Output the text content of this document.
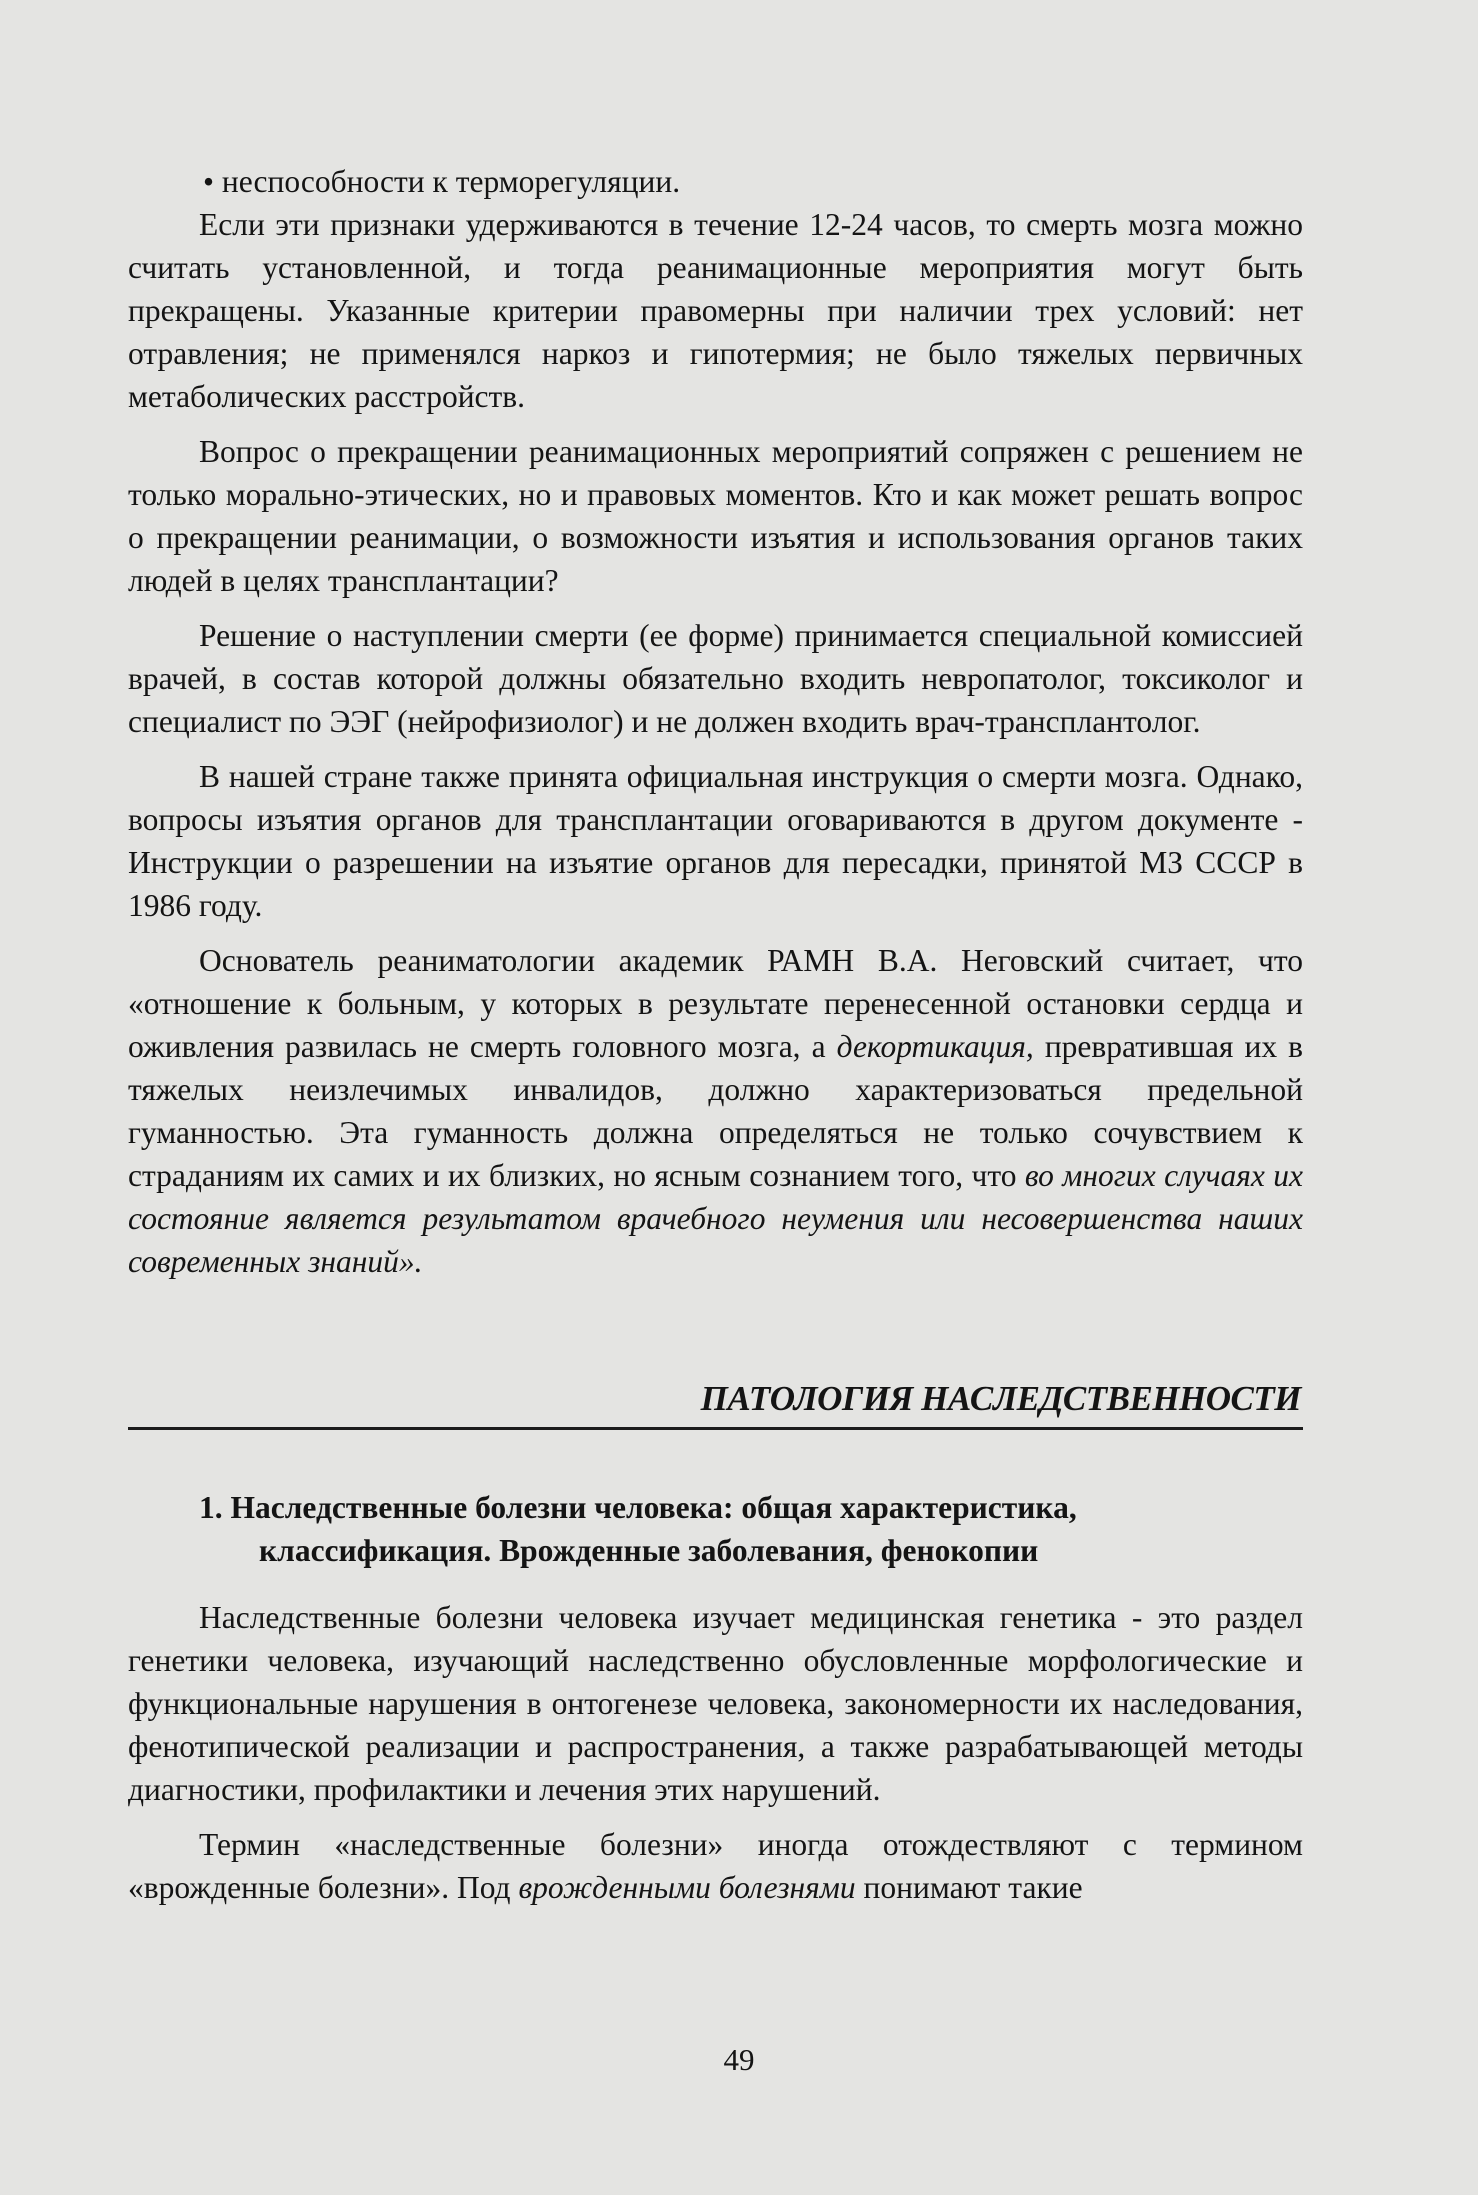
• неспособности к терморегуляции.

Если эти признаки удерживаются в течение 12-24 часов, то смерть мозга можно считать установленной, и тогда реанимационные мероприятия могут быть прекращены. Указанные критерии правомерны при наличии трех условий: нет отравления; не применялся наркоз и гипотермия; не было тяжелых первичных метаболических расстройств.

Вопрос о прекращении реанимационных мероприятий сопряжен с решением не только морально-этических, но и правовых моментов. Кто и как может решать вопрос о прекращении реанимации, о возможности изъятия и использования органов таких людей в целях трансплантации?

Решение о наступлении смерти (ее форме) принимается специальной комиссией врачей, в состав которой должны обязательно входить невропатолог, токсиколог и специалист по ЭЭГ (нейрофизиолог) и не должен входить врач-трансплантолог.

В нашей стране также принята официальная инструкция о смерти мозга. Однако, вопросы изъятия органов для трансплантации оговариваются в другом документе - Инструкции о разрешении на изъятие органов для пересадки, принятой МЗ СССР в 1986 году.

Основатель реаниматологии академик РАМН В.А. Неговский считает, что «отношение к больным, у которых в результате перенесенной остановки сердца и оживления развилась не смерть головного мозга, а декортикация, превратившая их в тяжелых неизлечимых инвалидов, должно характеризоваться предельной гуманностью. Эта гуманность должна определяться не только сочувствием к страданиям их самих и их близких, но ясным сознанием того, что во многих случаях их состояние является результатом врачебного неумения или несовершенства наших современных знаний».

ПАТОЛОГИЯ НАСЛЕДСТВЕННОСТИ
1. Наследственные болезни человека: общая характеристика,
классификация. Врожденные заболевания, фенокопии

Наследственные болезни человека изучает медицинская генетика - это раздел генетики человека, изучающий наследственно обусловленные морфологические и функциональные нарушения в онтогенезе человека, закономерности их наследования, фенотипической реализации и распространения, а также разрабатывающей методы диагностики, профилактики и лечения этих нарушений.

Термин «наследственные болезни» иногда отождествляют с термином «врожденные болезни». Под врожденными болезнями понимают такие

49
